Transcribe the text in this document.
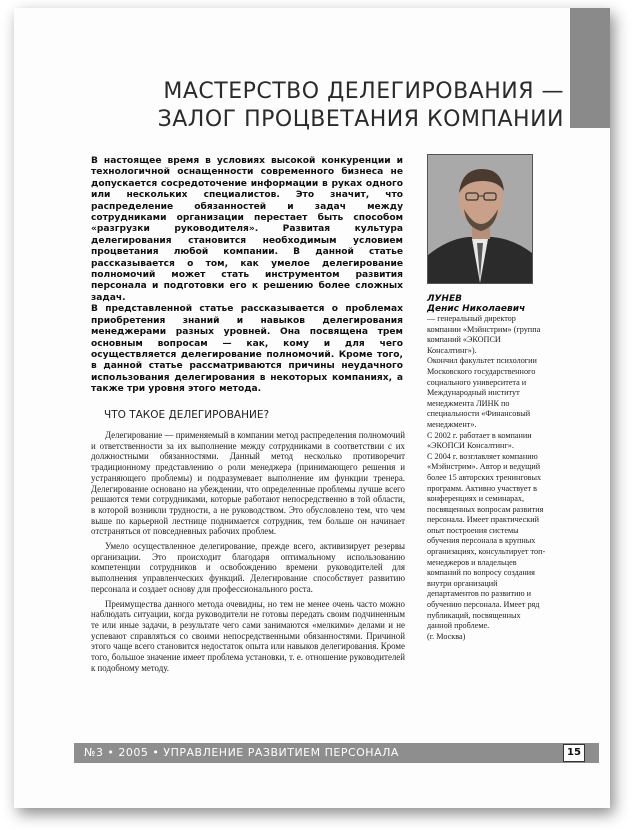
МАСТЕРСТВО ДЕЛЕГИРОВАНИЯ —
ЗАЛОГ ПРОЦВЕТАНИЯ КОМПАНИИ

В настоящее время в условиях высокой конкуренции и технологичной оснащенности современного бизнеса не допускается сосредоточение информации в руках одного или нескольких специалистов. Это значит, что распределение обязанностей и задач между сотрудниками организации перестает быть способом «разгрузки руководителя». Развитая культура делегирования становится необходимым условием процветания любой компании. В данной статье рассказывается о том, как умелое делегирование полномочий может стать инструментом развития персонала и подготовки его к решению более сложных задач.

В представленной статье рассказывается о проблемах приобретения знаний и навыков делегирования менеджерами разных уровней. Она посвящена трем основным вопросам — как, кому и для чего осуществляется делегирование полномочий. Кроме того, в данной статье рассматриваются причины неудачного использования делегирования в некоторых компаниях, а также три уровня этого метода.

ЛУНЕВ
Денис Николаевич

— генеральный директор компании «Мэйнстрим» (группа компаний «ЭКОПСИ Консалтинг»).

Окончил факультет психологии Московского государственного социального университета и Международный институт менеджмента ЛИНК по специальности «Финансовый менеджмент».

С 2002 г. работает в компании «ЭКОПСИ Консалтинг».

С 2004 г. возглавляет компанию «Мэйнстрим». Автор и ведущий более 15 авторских тренинговых программ. Активно участвует в конференциях и семинарах, посвященных вопросам развития персонала. Имеет практический опыт построения системы обучения персонала в крупных организациях, консультирует топ-менеджеров и владельцев компаний по вопросу создания внутри организаций департаментов по развитию и обучению персонала. Имеет ряд публикаций, посвященных данной проблеме.

(г. Москва)

ЧТО ТАКОЕ ДЕЛЕГИРОВАНИЕ?

Делегирование — применяемый в компании метод распределения полномочий и ответственности за их выполнение между сотрудниками в соответствии с их должностными обязанностями. Данный метод несколько противоречит традиционному представлению о роли менеджера (принимающего решения и устраняющего проблемы) и подразумевает выполнение им функции тренера. Делегирование основано на убеждении, что определенные проблемы лучше всего решаются теми сотрудниками, которые работают непосредственно в той области, в которой возникли трудности, а не руководством. Это обусловлено тем, что чем выше по карьерной лестнице поднимается сотрудник, тем больше он начинает отстраняться от повседневных рабочих проблем.

Умело осуществленное делегирование, прежде всего, активизирует резервы организации. Это происходит благодаря оптимальному использованию компетенции сотрудников и освобождению времени руководителей для выполнения управленческих функций. Делегирование способствует развитию персонала и создает основу для профессионального роста.

Преимущества данного метода очевидны, но тем не менее очень часто можно наблюдать ситуации, когда руководители не готовы передать своим подчиненным те или иные задачи, в результате чего сами занимаются «мелкими» делами и не успевают справляться со своими непосредственными обязанностями. Причиной этого чаще всего становится недостаток опыта или навыков делегирования. Кроме того, большое значение имеет проблема установки, т. е. отношение руководителей к подобному методу.

№3 • 2005 • УПРАВЛЕНИЕ РАЗВИТИЕМ ПЕРСОНАЛА	15
